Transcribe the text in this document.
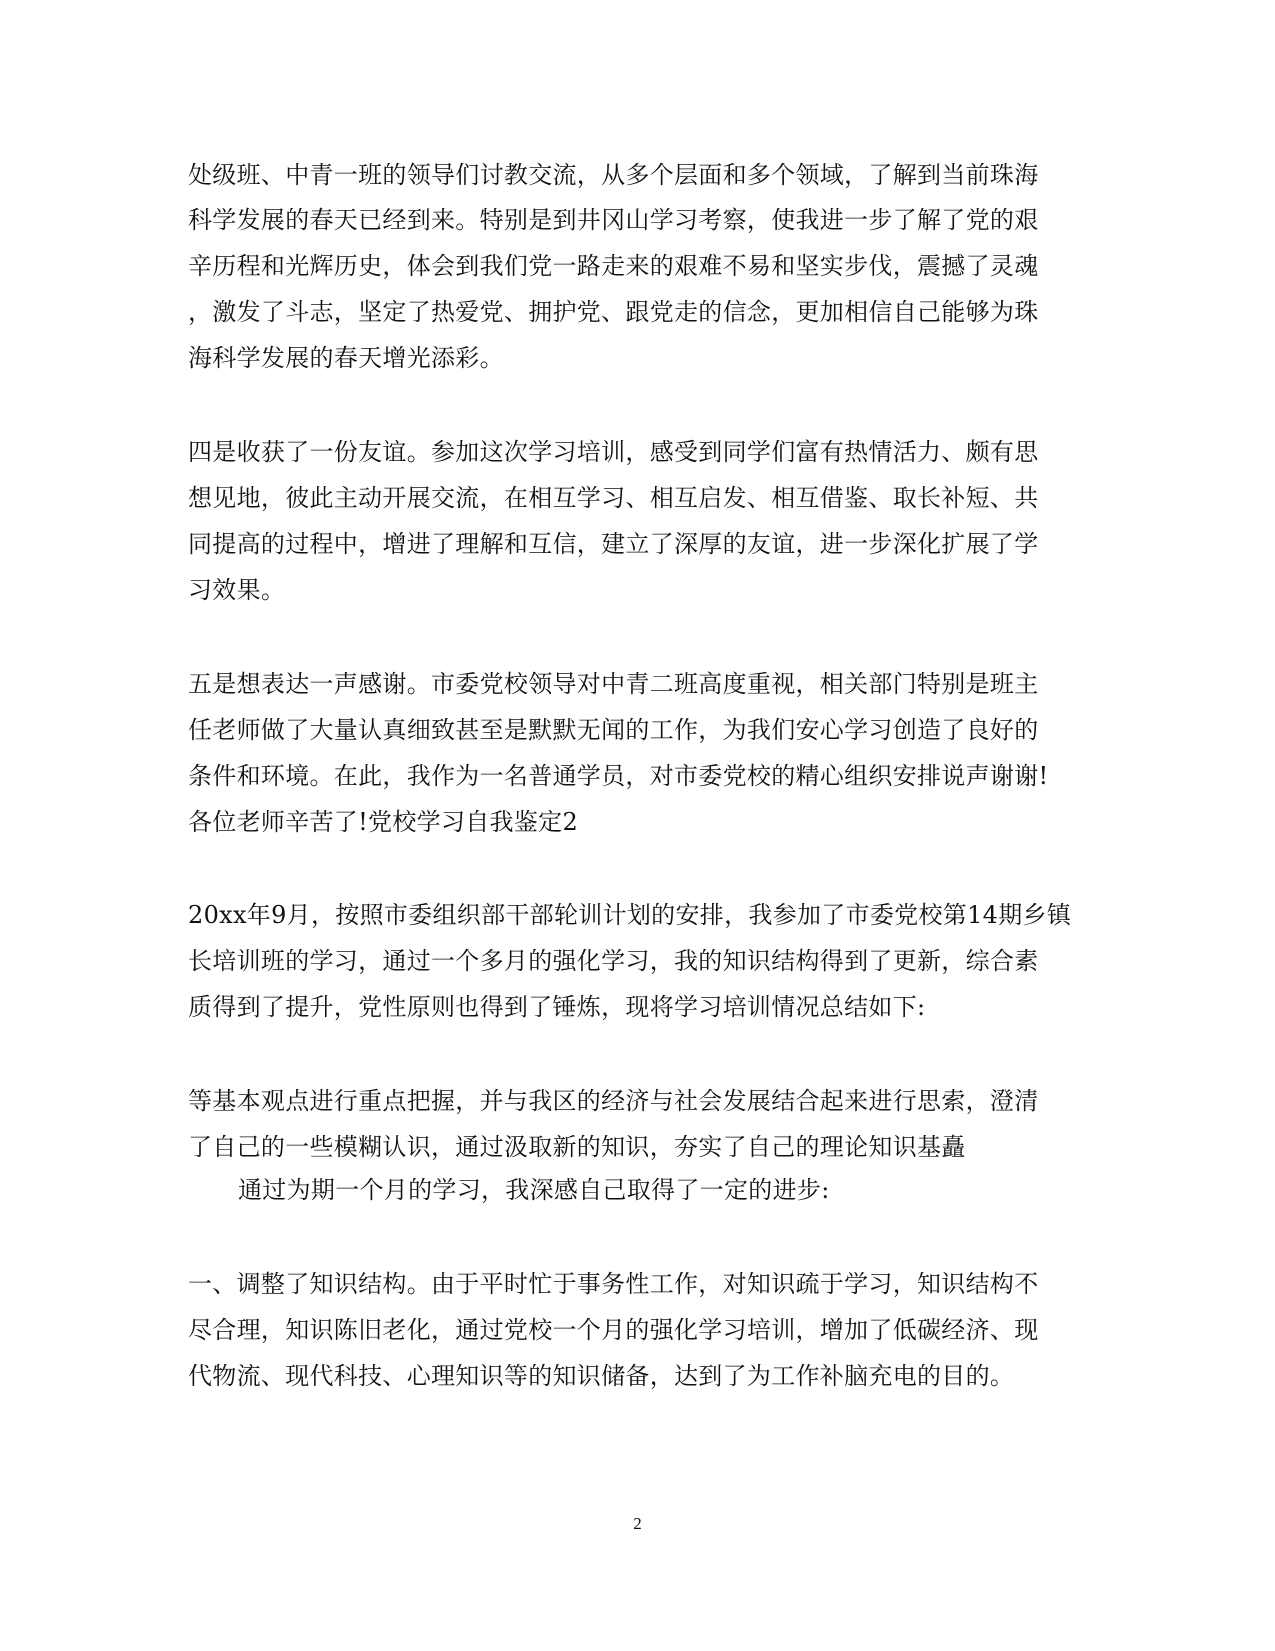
处级班、中青一班的领导们讨教交流，从多个层面和多个领域，了解到当前珠海

科学发展的春天已经到来。特别是到井冈山学习考察，使我进一步了解了党的艰

辛历程和光辉历史，体会到我们党一路走来的艰难不易和坚实步伐，震撼了灵魂

，激发了斗志，坚定了热爱党、拥护党、跟党走的信念，更加相信自己能够为珠

海科学发展的春天增光添彩。

四是收获了一份友谊。参加这次学习培训，感受到同学们富有热情活力、颇有思

想见地，彼此主动开展交流，在相互学习、相互启发、相互借鉴、取长补短、共

同提高的过程中，增进了理解和互信，建立了深厚的友谊，进一步深化扩展了学

习效果。

五是想表达一声感谢。市委党校领导对中青二班高度重视，相关部门特别是班主

任老师做了大量认真细致甚至是默默无闻的工作，为我们安心学习创造了良好的

条件和环境。在此，我作为一名普通学员，对市委党校的精心组织安排说声谢谢!

各位老师辛苦了!党校学习自我鉴定2

20xx年9月，按照市委组织部干部轮训计划的安排，我参加了市委党校第14期乡镇

长培训班的学习，通过一个多月的强化学习，我的知识结构得到了更新，综合素

质得到了提升，党性原则也得到了锤炼，现将学习培训情况总结如下:

等基本观点进行重点把握，并与我区的经济与社会发展结合起来进行思索，澄清

了自己的一些模糊认识，通过汲取新的知识，夯实了自己的理论知识基矗

通过为期一个月的学习，我深感自己取得了一定的进步:

一、调整了知识结构。由于平时忙于事务性工作，对知识疏于学习，知识结构不

尽合理，知识陈旧老化，通过党校一个月的强化学习培训，增加了低碳经济、现

代物流、现代科技、心理知识等的知识储备，达到了为工作补脑充电的目的。

2
